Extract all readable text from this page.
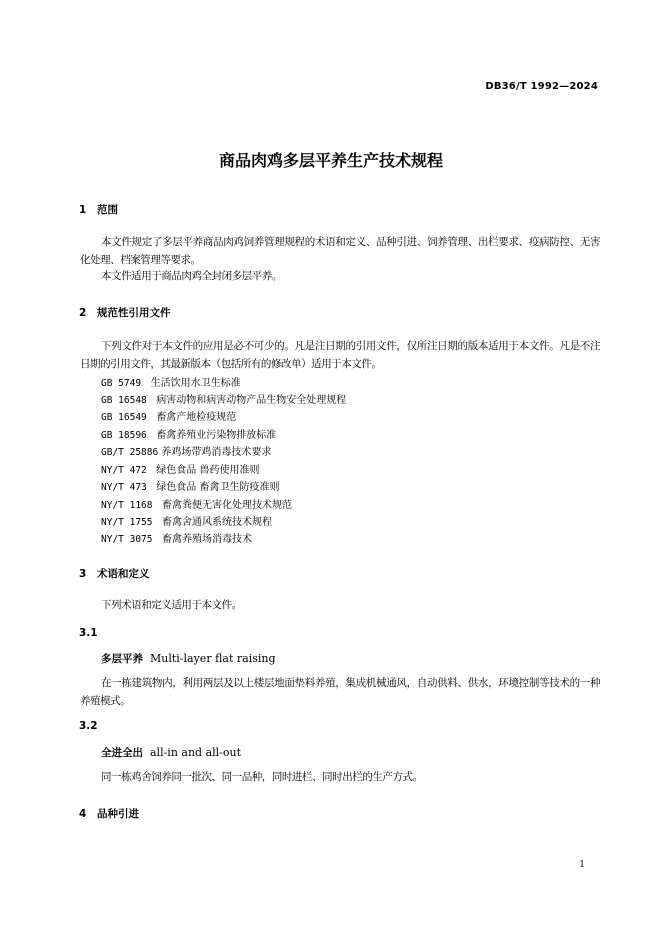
DB36/T 1992—2024
商品肉鸡多层平养生产技术规程
1 范围
本文件规定了多层平养商品肉鸡饲养管理规程的术语和定义、品种引进、饲养管理、出栏要求、疫病防控、无害化处理、档案管理等要求。
本文件适用于商品肉鸡全封闭多层平养。
2 规范性引用文件
下列文件对于本文件的应用是必不可少的。凡是注日期的引用文件，仅所注日期的版本适用于本文件。凡是不注日期的引用文件，其最新版本（包括所有的修改单）适用于本文件。
GB 5749 生活饮用水卫生标准
GB 16548 病害动物和病害动物产品生物安全处理规程
GB 16549 畜禽产地检疫规范
GB 18596 畜禽养殖业污染物排放标准
GB/T 25886 养鸡场带鸡消毒技术要求
NY/T 472 绿色食品 兽药使用准则
NY/T 473 绿色食品 畜禽卫生防疫准则
NY/T 1168 畜禽粪便无害化处理技术规范
NY/T 1755 畜禽舍通风系统技术规程
NY/T 3075 畜禽养殖场消毒技术
3 术语和定义
下列术语和定义适用于本文件。
3.1
多层平养 Multi-layer flat raising
在一栋建筑物内，利用两层及以上楼层地面垫料养殖，集成机械通风，自动供料、供水，环境控制等技术的一种养殖模式。
3.2
全进全出 all-in and all-out
同一栋鸡舍饲养同一批次、同一品种，同时进栏、同时出栏的生产方式。
4 品种引进
1
